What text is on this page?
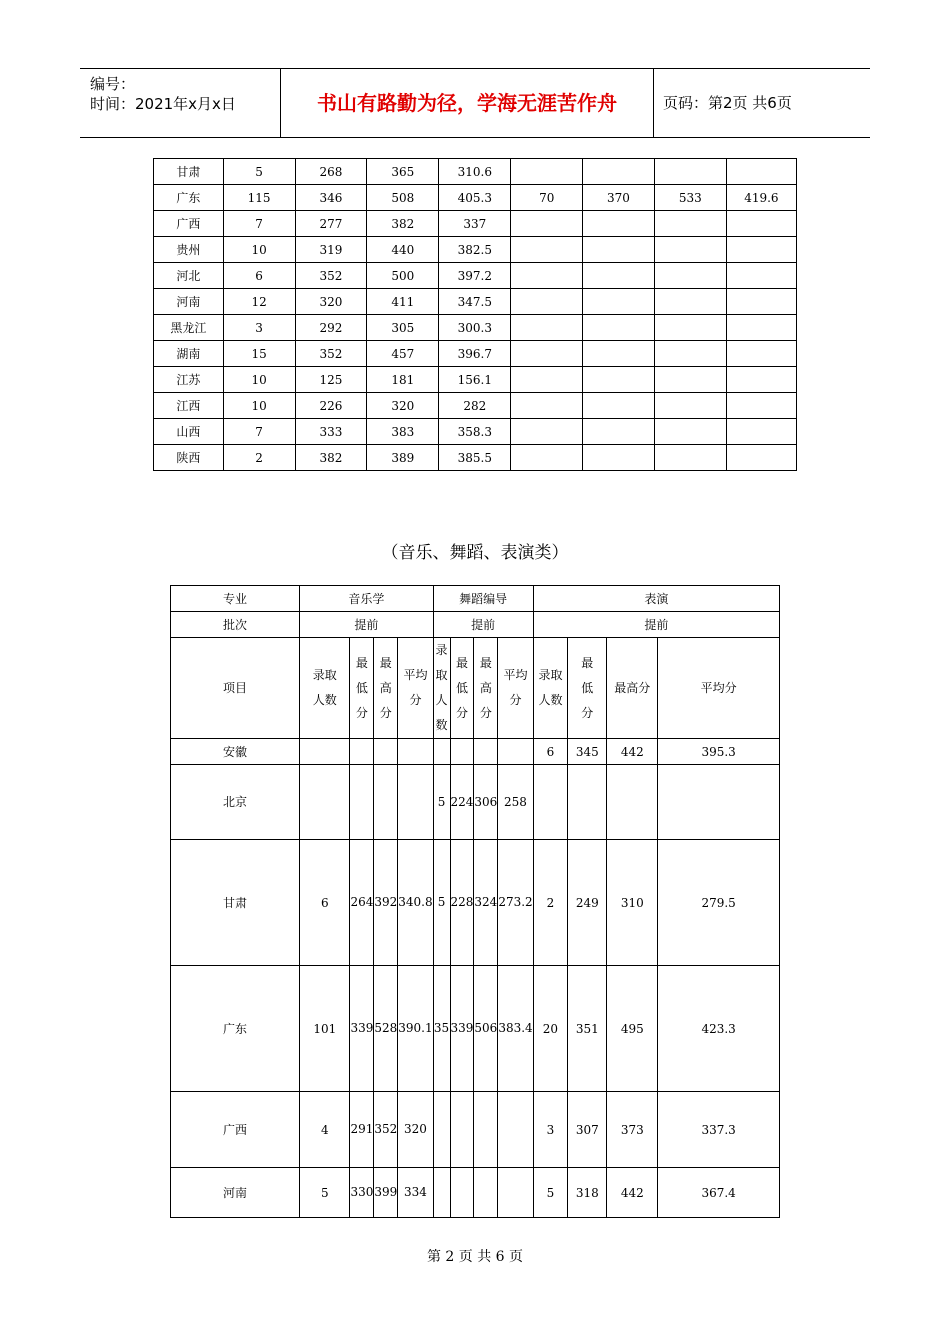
编号：
时间：2021年x月x日	书山有路勤为径，学海无涯苦作舟	页码：第2页 共6页
甘肃	5	268	365	310.6				
广东	115	346	508	405.3	70	370	533	419.6
广西	7	277	382	337				
贵州	10	319	440	382.5				
河北	6	352	500	397.2				
河南	12	320	411	347.5				
黑龙江	3	292	305	300.3				
湖南	15	352	457	396.7				
江苏	10	125	181	156.1				
江西	10	226	320	282				
山西	7	333	383	358.3				
陕西	2	382	389	385.5				
（音乐、舞蹈、表演类）
专业	音乐学				舞蹈编导				表演			
批次	提前				提前				提前			
项目	录取人数	最低分	最高分	平均分	录取人数	最低分	最高分	平均分	录取人数	最低分	最高分	平均分
安徽									6	345	442	395.3
北京					5	224	306	258				
甘肃	6	264	392	340.8	5	228	324	273.2	2	249	310	279.5
广东	101	339	528	390.1	35	339	506	383.4	20	351	495	423.3
广西	4	291	352	320					3	307	373	337.3
河南	5	330	399	334					5	318	442	367.4
第 2 页 共 6 页
